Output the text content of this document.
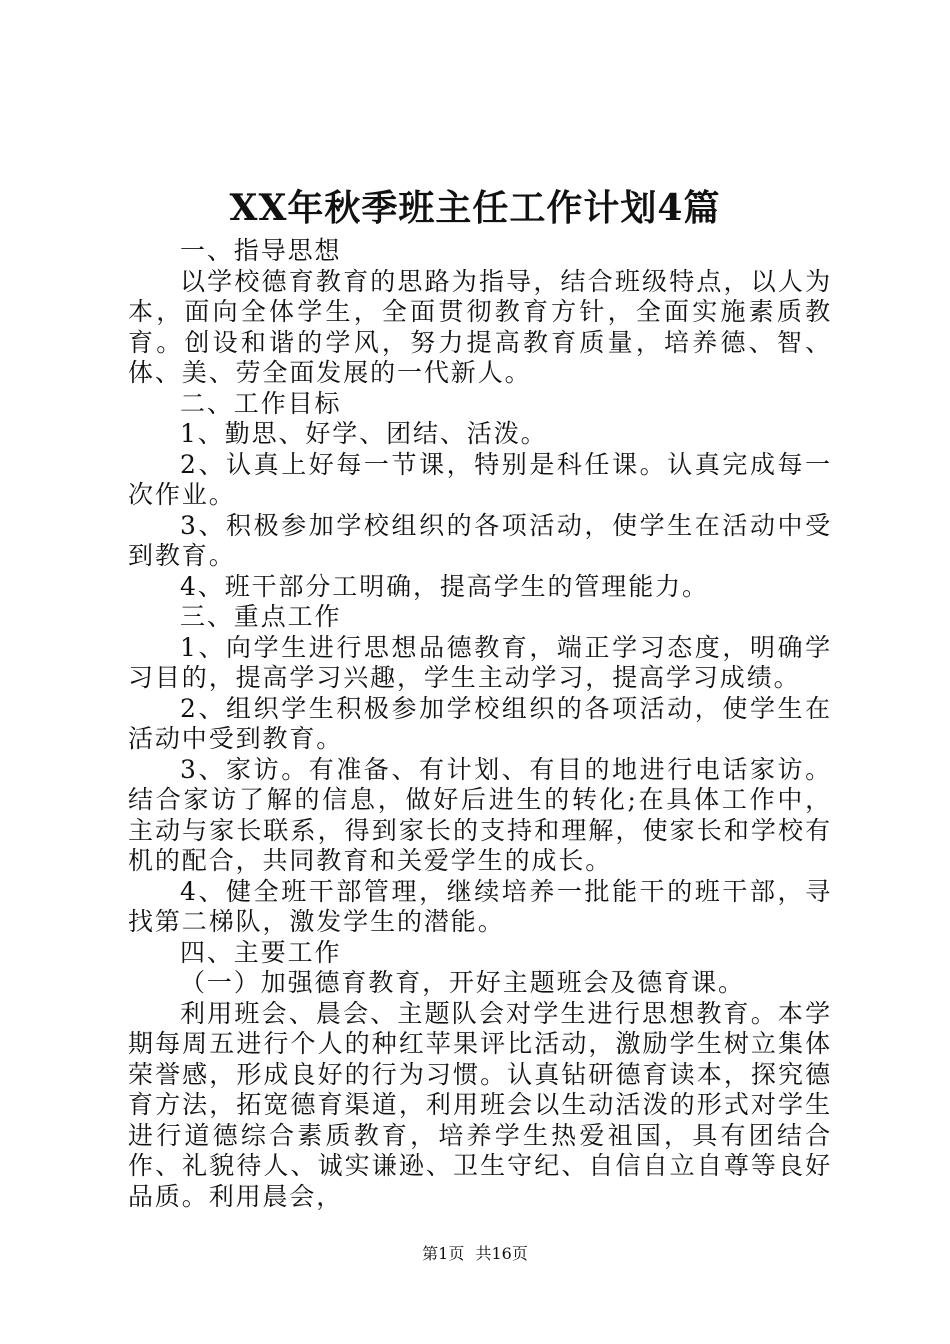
XX年秋季班主任工作计划4篇

一、指导思想

以学校德育教育的思路为指导，结合班级特点，以人为本，面向全体学生，全面贯彻教育方针，全面实施素质教育。创设和谐的学风，努力提高教育质量，培养德、智、体、美、劳全面发展的一代新人。

二、工作目标

1、勤思、好学、团结、活泼。

2、认真上好每一节课，特别是科任课。认真完成每一次作业。

3、积极参加学校组织的各项活动，使学生在活动中受到教育。

4、班干部分工明确，提高学生的管理能力。

三、重点工作

1、向学生进行思想品德教育，端正学习态度，明确学习目的，提高学习兴趣，学生主动学习，提高学习成绩。

2、组织学生积极参加学校组织的各项活动，使学生在活动中受到教育。

3、家访。有准备、有计划、有目的地进行电话家访。结合家访了解的信息，做好后进生的转化;在具体工作中，主动与家长联系，得到家长的支持和理解，使家长和学校有机的配合，共同教育和关爱学生的成长。

4、健全班干部管理，继续培养一批能干的班干部，寻找第二梯队，激发学生的潜能。

四、主要工作

（一）加强德育教育，开好主题班会及德育课。

利用班会、晨会、主题队会对学生进行思想教育。本学期每周五进行个人的种红苹果评比活动，激励学生树立集体荣誉感，形成良好的行为习惯。认真钻研德育读本，探究德育方法，拓宽德育渠道，利用班会以生动活泼的形式对学生进行道德综合素质教育，培养学生热爱祖国，具有团结合作、礼貌待人、诚实谦逊、卫生守纪、自信自立自尊等良好品质。利用晨会，

第1页 共16页
